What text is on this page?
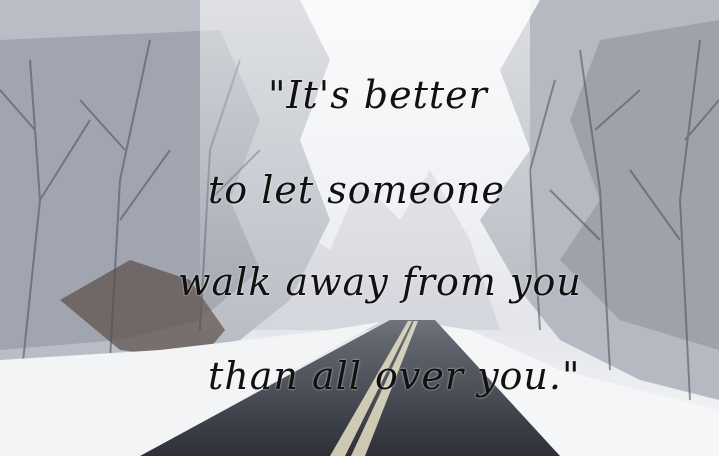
"It's better
to let someone
walk away from you
than all over you."
